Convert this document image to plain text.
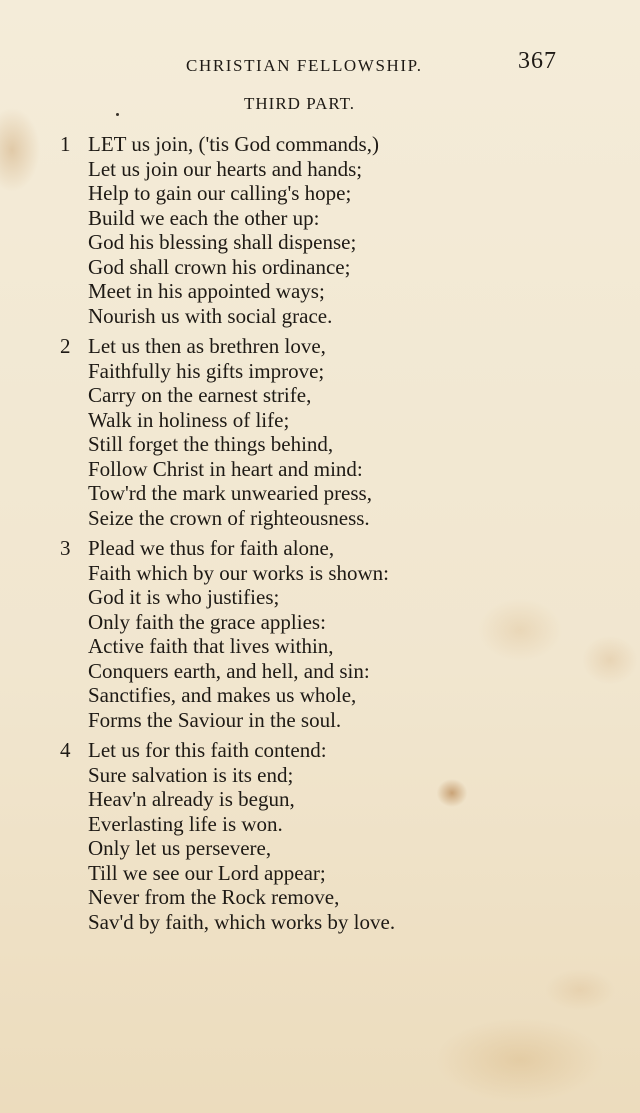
CHRISTIAN FELLOWSHIP.	367
THIRD PART.
1 LET us join, ('tis God commands,)
Let us join our hearts and hands;
Help to gain our calling's hope;
Build we each the other up:
God his blessing shall dispense;
God shall crown his ordinance;
Meet in his appointed ways;
Nourish us with social grace.
2 Let us then as brethren love,
Faithfully his gifts improve;
Carry on the earnest strife,
Walk in holiness of life;
Still forget the things behind,
Follow Christ in heart and mind:
Tow'rd the mark unwearied press,
Seize the crown of righteousness.
3 Plead we thus for faith alone,
Faith which by our works is shown:
God it is who justifies;
Only faith the grace applies:
Active faith that lives within,
Conquers earth, and hell, and sin:
Sanctifies, and makes us whole,
Forms the Saviour in the soul.
4 Let us for this faith contend:
Sure salvation is its end;
Heav'n already is begun,
Everlasting life is won.
Only let us persevere,
Till we see our Lord appear;
Never from the Rock remove,
Sav'd by faith, which works by love.
